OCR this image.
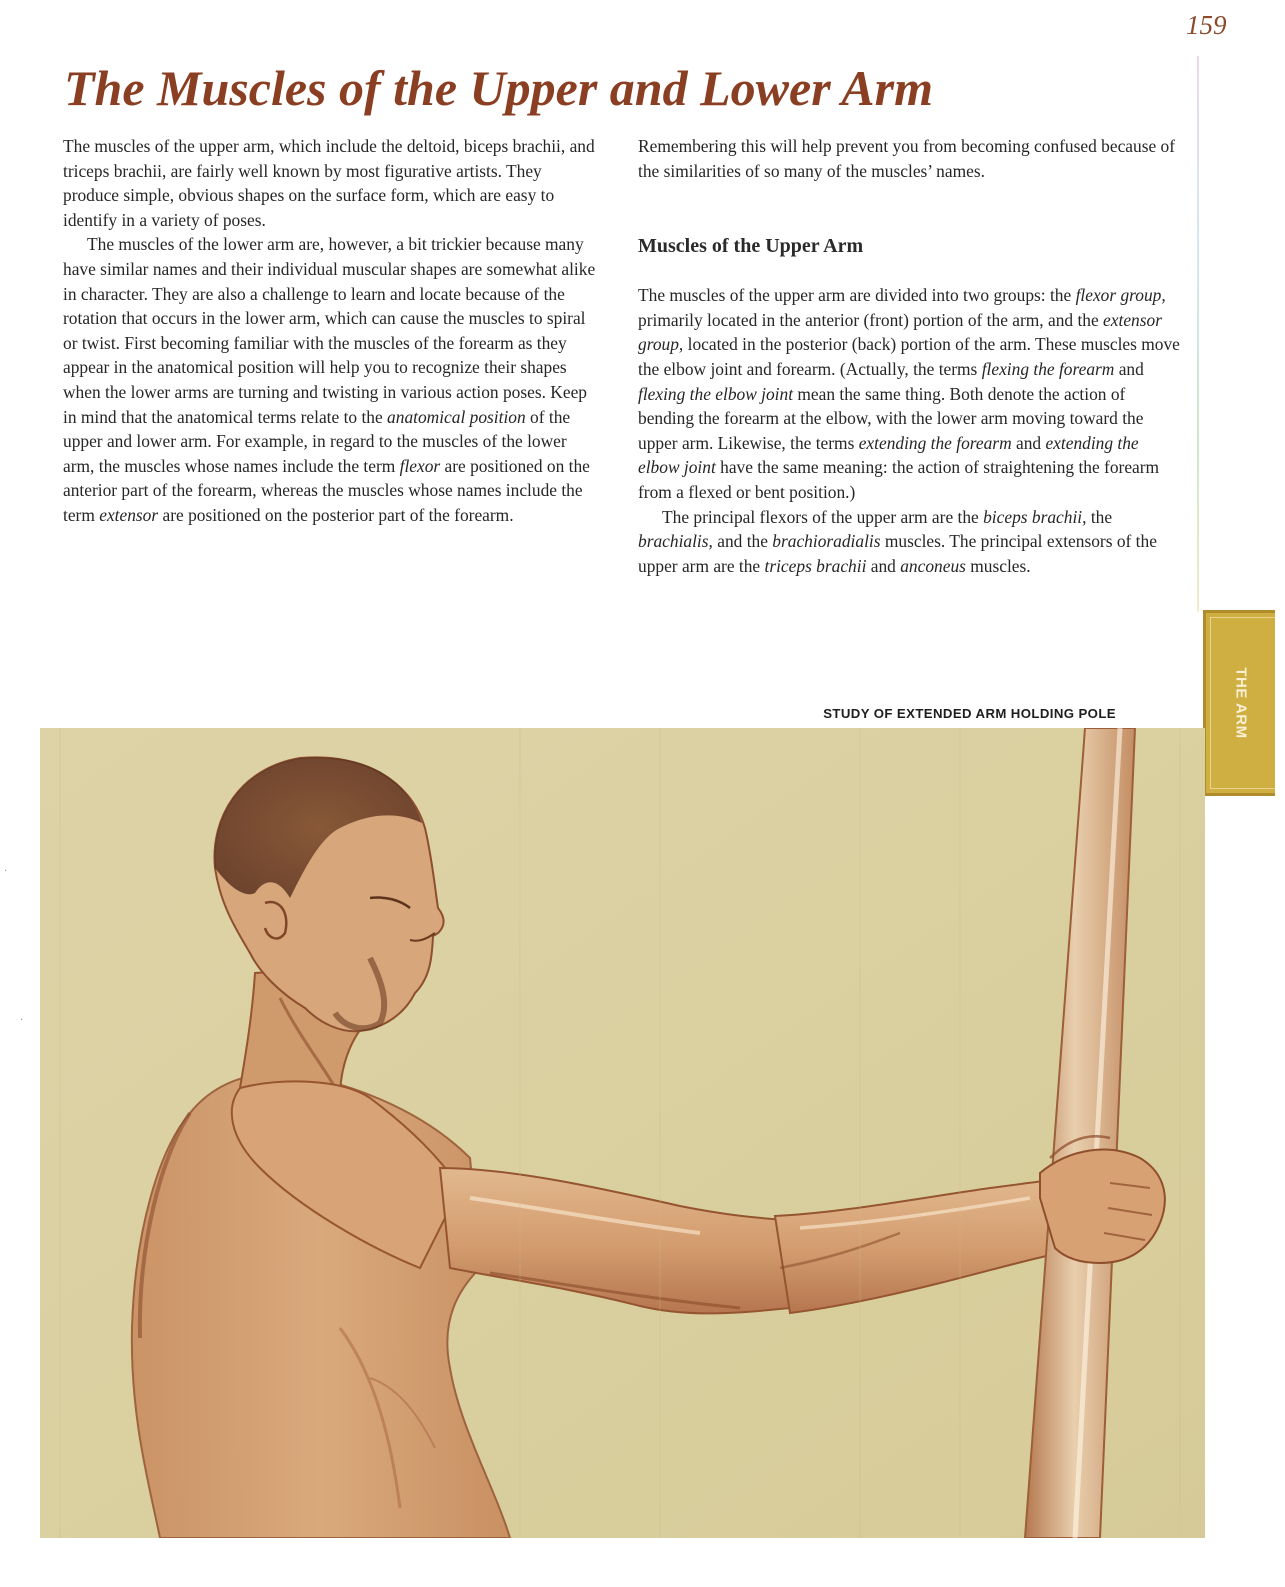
159
The Muscles of the Upper and Lower Arm

The muscles of the upper arm, which include the deltoid, biceps brachii, and triceps brachii, are fairly well known by most figurative artists. They produce simple, obvious shapes on the surface form, which are easy to identify in a variety of poses.

The muscles of the lower arm are, however, a bit trickier because many have similar names and their individual muscular shapes are somewhat alike in character. They are also a challenge to learn and locate because of the rotation that occurs in the lower arm, which can cause the muscles to spiral or twist. First becoming familiar with the muscles of the forearm as they appear in the anatomical position will help you to recognize their shapes when the lower arms are turning and twisting in various action poses. Keep in mind that the anatomical terms relate to the anatomical position of the upper and lower arm. For example, in regard to the muscles of the lower arm, the muscles whose names include the term flexor are positioned on the anterior part of the forearm, whereas the muscles whose names include the term extensor are positioned on the posterior part of the forearm.

Remembering this will help prevent you from becoming confused because of the similarities of so many of the muscles’ names.

Muscles of the Upper Arm

The muscles of the upper arm are divided into two groups: the flexor group, primarily located in the anterior (front) portion of the arm, and the extensor group, located in the posterior (back) portion of the arm. These muscles move the elbow joint and forearm. (Actually, the terms flexing the forearm and flexing the elbow joint mean the same thing. Both denote the action of bending the forearm at the elbow, with the lower arm moving toward the upper arm. Likewise, the terms extending the forearm and extending the elbow joint have the same meaning: the action of straightening the forearm from a flexed or bent position.)

The principal flexors of the upper arm are the biceps brachii, the brachialis, and the brachioradialis muscles. The principal extensors of the upper arm are the triceps brachii and anconeus muscles.

THE ARM
STUDY OF EXTENDED ARM HOLDING POLE
·
·
